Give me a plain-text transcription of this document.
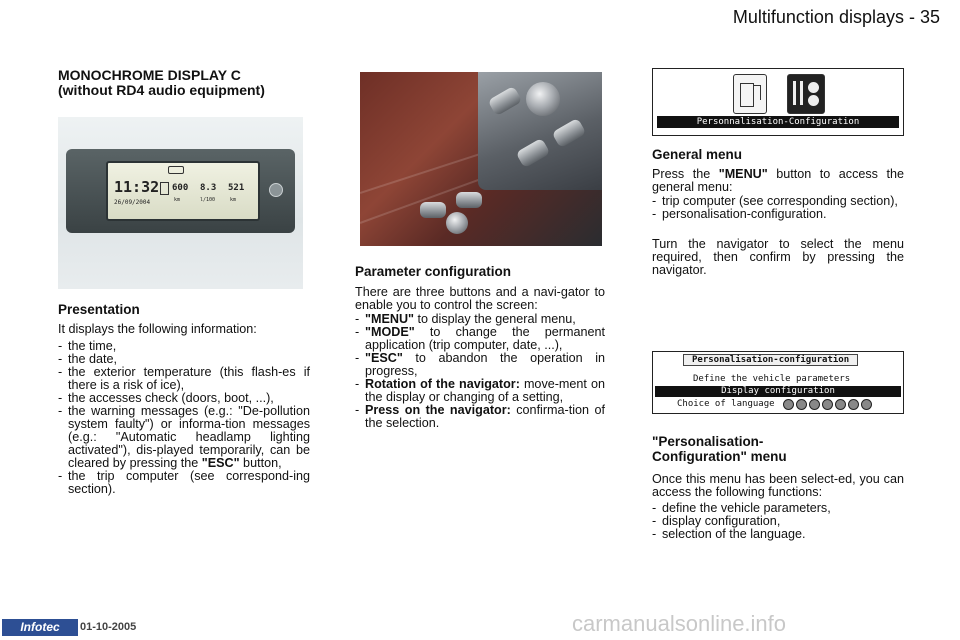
Multifunction displays - 35
MONOCHROME DISPLAY C
(without RD4 audio equipment)
11:32
26/09/2004
600 8.3 521
km	l/100	km
Presentation

It displays the following information:

- the time,
- the date,
- the exterior temperature (this flash-es if there is a risk of ice),
- the accesses check (doors, boot, ...),
- the warning messages (e.g.: "De-pollution system faulty") or informa-tion messages (e.g.: "Automatic headlamp lighting activated"), dis-played temporarily, can be cleared by pressing the "ESC" button,
- the trip computer (see correspond-ing section).
Parameter configuration

There are three buttons and a navi-gator to enable you to control the screen:

- "MENU" to display the general menu,
- "MODE" to change the permanent application (trip computer, date, ...),
- "ESC" to abandon the operation in progress,
- Rotation of the navigator: move-ment on the display or changing of a setting,
- Press on the navigator: confirma-tion of the selection.
Personnalisation-Configuration
General menu

Press the "MENU" button to access the general menu:

- trip computer (see corresponding section),
- personalisation-configuration.

Turn the navigator to select the menu required, then confirm by pressing the navigator.

Personalisation-configuration
Define the vehicle parameters
Display configuration
Choice of language
"Personalisation-
Configuration" menu

Once this menu has been select-ed, you can access the following functions:

- define the vehicle parameters,
- display configuration,
- selection of the language.
Infotec	01-10-2005	carmanualsonline.info
